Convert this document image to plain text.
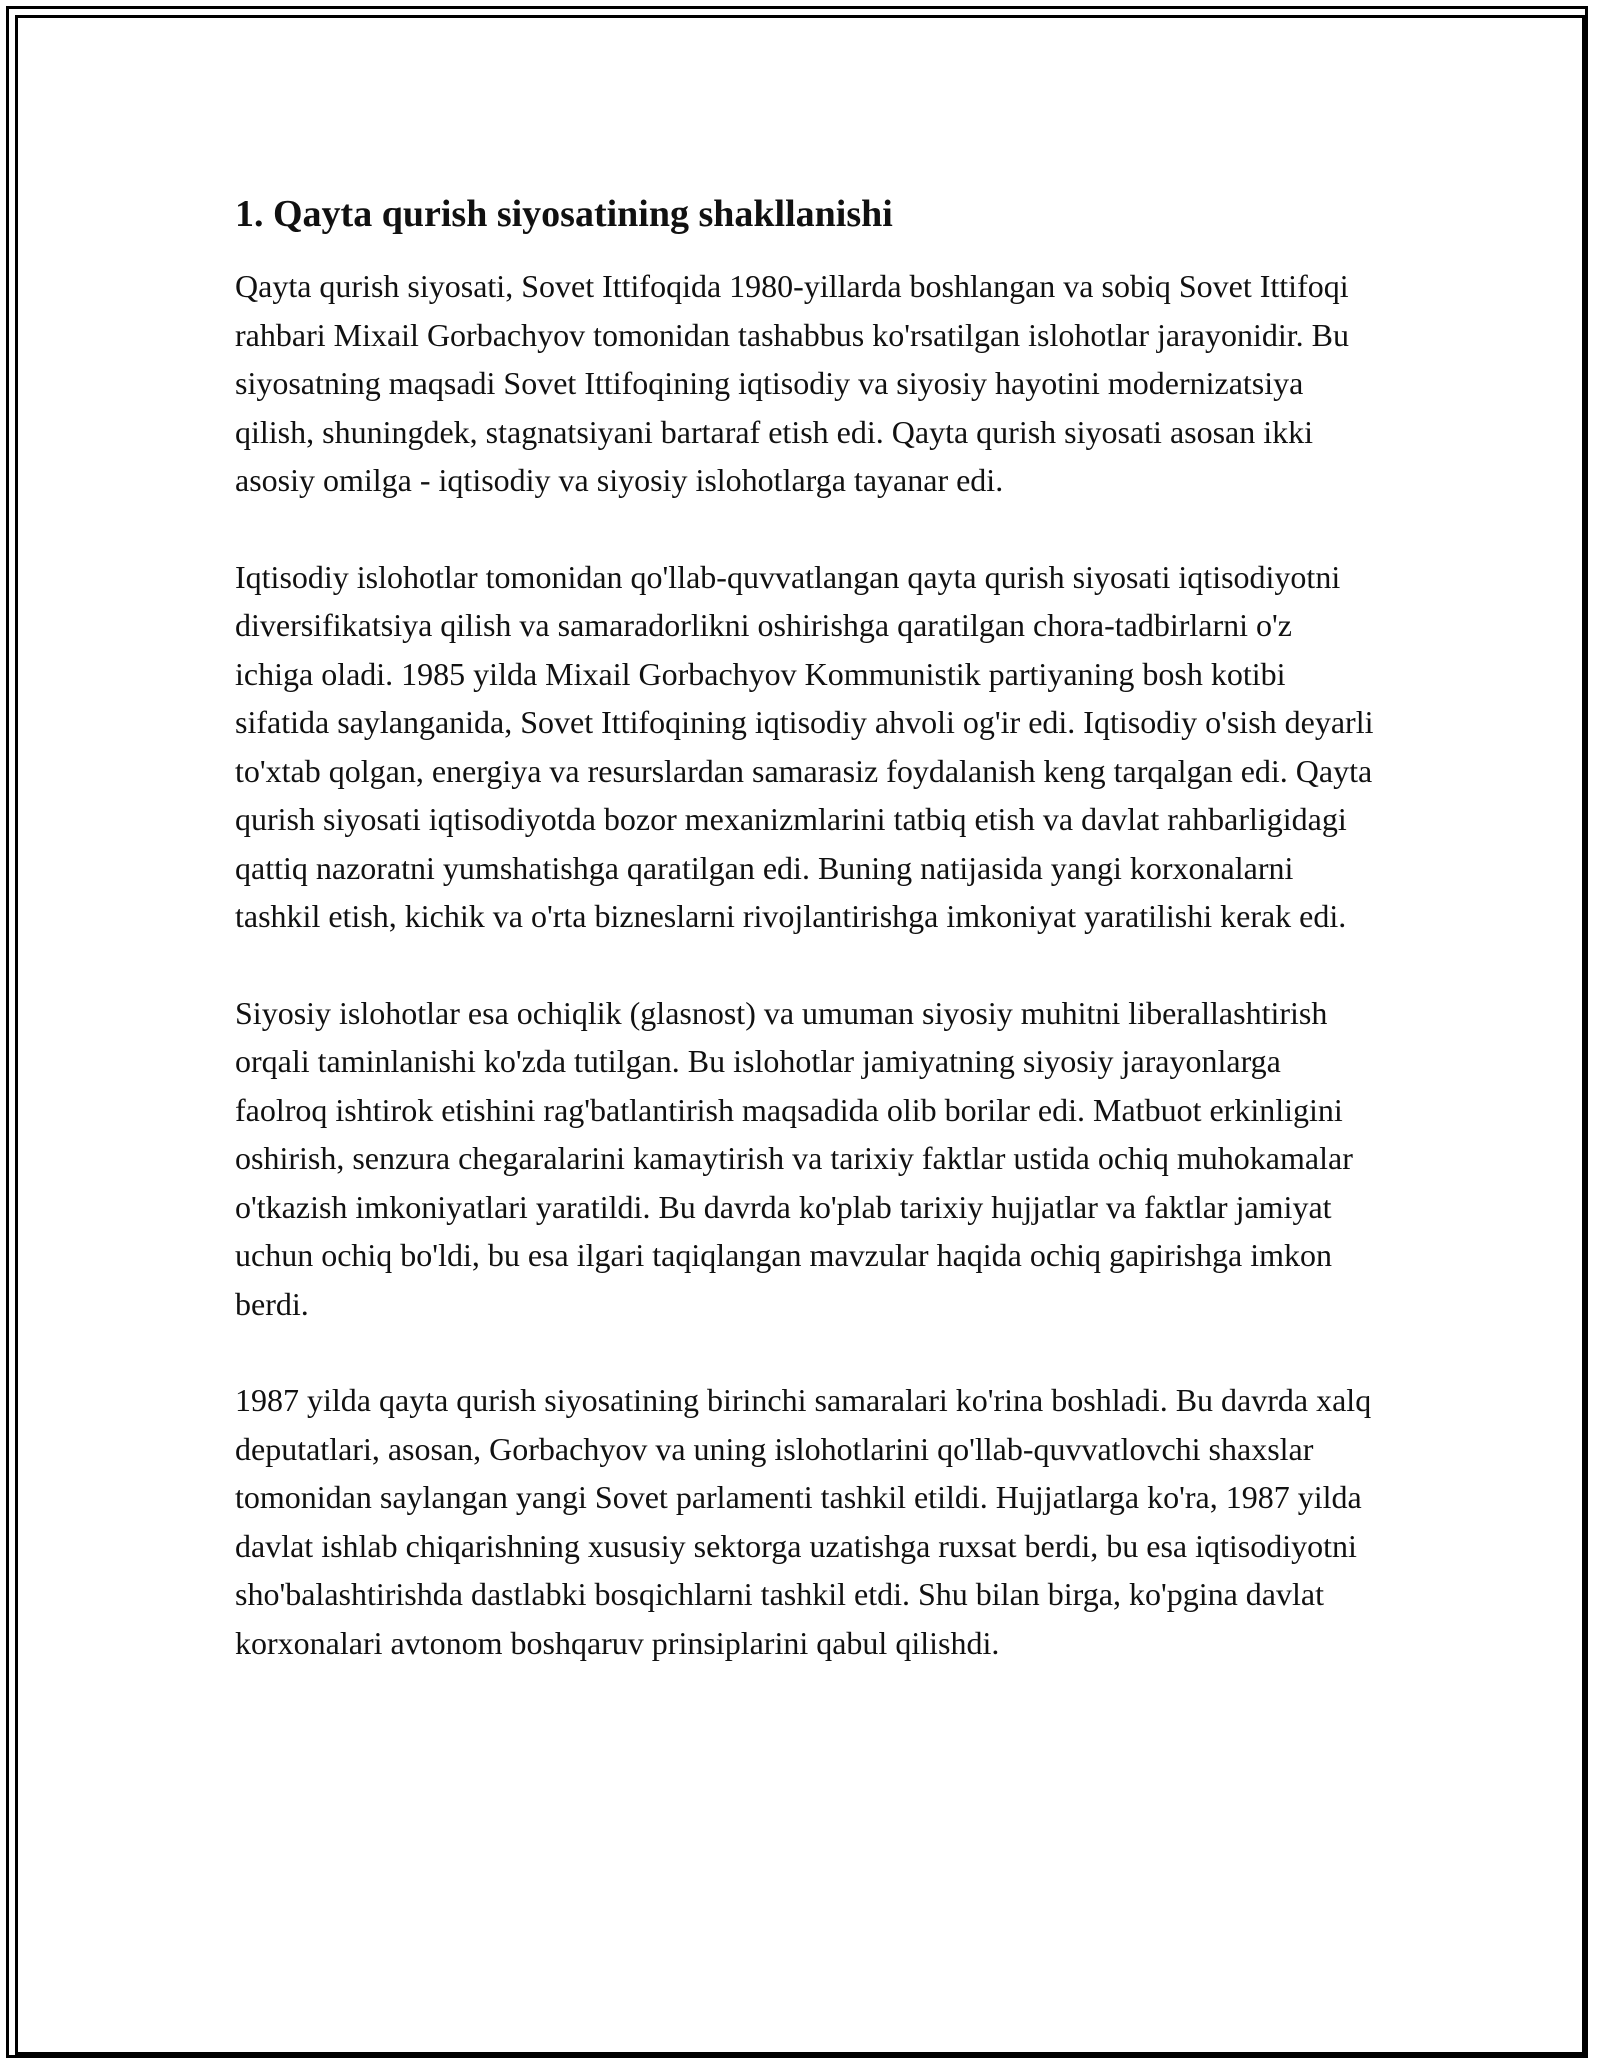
1. Qayta qurish siyosatining shakllanishi

Qayta qurish siyosati, Sovet Ittifoqida 1980-yillarda boshlangan va sobiq Sovet Ittifoqi rahbari Mixail Gorbachyov tomonidan tashabbus ko'rsatilgan islohotlar jarayonidir. Bu siyosatning maqsadi Sovet Ittifoqining iqtisodiy va siyosiy hayotini modernizatsiya qilish, shuningdek, stagnatsiyani bartaraf etish edi. Qayta qurish siyosati asosan ikki asosiy omilga - iqtisodiy va siyosiy islohotlarga tayanar edi.

Iqtisodiy islohotlar tomonidan qo'llab-quvvatlangan qayta qurish siyosati iqtisodiyotni diversifikatsiya qilish va samaradorlikni oshirishga qaratilgan chora-tadbirlarni o'z ichiga oladi. 1985 yilda Mixail Gorbachyov Kommunistik partiyaning bosh kotibi sifatida saylanganida, Sovet Ittifoqining iqtisodiy ahvoli og'ir edi. Iqtisodiy o'sish deyarli to'xtab qolgan, energiya va resurslardan samarasiz foydalanish keng tarqalgan edi. Qayta qurish siyosati iqtisodiyotda bozor mexanizmlarini tatbiq etish va davlat rahbarligidagi qattiq nazoratni yumshatishga qaratilgan edi. Buning natijasida yangi korxonalarni tashkil etish, kichik va o'rta bizneslarni rivojlantirishga imkoniyat yaratilishi kerak edi.

Siyosiy islohotlar esa ochiqlik (glasnost) va umuman siyosiy muhitni liberallashtirish orqali taminlanishi ko'zda tutilgan. Bu islohotlar jamiyatning siyosiy jarayonlarga faolroq ishtirok etishini rag'batlantirish maqsadida olib borilar edi. Matbuot erkinligini oshirish, senzura chegaralarini kamaytirish va tarixiy faktlar ustida ochiq muhokamalar o'tkazish imkoniyatlari yaratildi. Bu davrda ko'plab tarixiy hujjatlar va faktlar jamiyat uchun ochiq bo'ldi, bu esa ilgari taqiqlangan mavzular haqida ochiq gapirishga imkon berdi.

1987 yilda qayta qurish siyosatining birinchi samaralari ko'rina boshladi. Bu davrda xalq deputatlari, asosan, Gorbachyov va uning islohotlarini qo'llab-quvvatlovchi shaxslar tomonidan saylangan yangi Sovet parlamenti tashkil etildi. Hujjatlarga ko'ra, 1987 yilda davlat ishlab chiqarishning xususiy sektorga uzatishga ruxsat berdi, bu esa iqtisodiyotni sho'balashtirishda dastlabki bosqichlarni tashkil etdi. Shu bilan birga, ko'pgina davlat korxonalari avtonom boshqaruv prinsiplarini qabul qilishdi.
